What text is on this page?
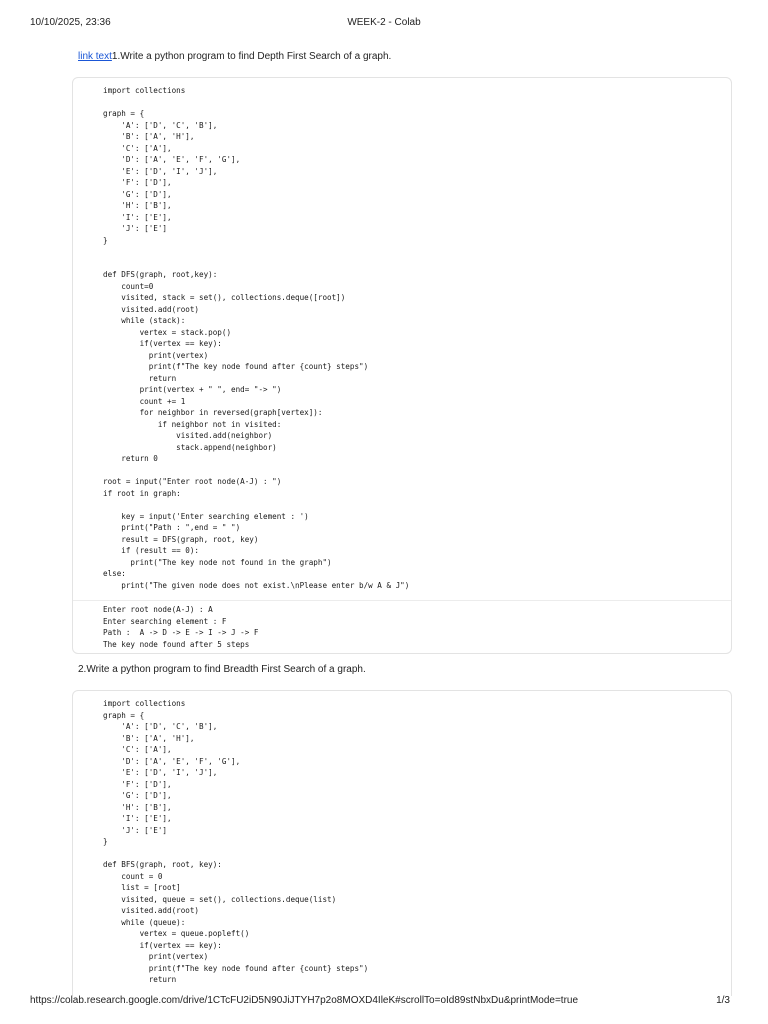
10/10/2025, 23:36	WEEK-2 - Colab
link text1.Write a python program to find Depth First Search of a graph.
import collections

graph = {
'A': ['D', 'C', 'B'],
'B': ['A', 'H'],
'C': ['A'],
'D': ['A', 'E', 'F', 'G'],
'E': ['D', 'I', 'J'],
'F': ['D'],
'G': ['D'],
'H': ['B'],
'I': ['E'],
'J': ['E']
}

def DFS(graph, root,key):
count=0
visited, stack = set(), collections.deque([root])
visited.add(root)
while (stack):
vertex = stack.pop()
if(vertex == key):
print(vertex)
print(f"The key node found after {count} steps")
return
print(vertex + " ", end= "-> ")
count += 1
for neighbor in reversed(graph[vertex]):
if neighbor not in visited:
visited.add(neighbor)
stack.append(neighbor)
return 0

root = input("Enter root node(A-J) : ")
if root in graph:

key = input('Enter searching element : ')
print("Path : ",end = " ")
result = DFS(graph, root, key)
if (result == 0):
print("The key node not found in the graph")
else:
print("The given node does not exist.\nPlease enter b/w A & J")
Enter root node(A-J) : A
Enter searching element : F
Path :  A -> D -> E -> I -> J -> F
The key node found after 5 steps
2.Write a python program to find Breadth First Search of a graph.
import collections
graph = {
'A': ['D', 'C', 'B'],
'B': ['A', 'H'],
'C': ['A'],
'D': ['A', 'E', 'F', 'G'],
'E': ['D', 'I', 'J'],
'F': ['D'],
'G': ['D'],
'H': ['B'],
'I': ['E'],
'J': ['E']
}

def BFS(graph, root, key):
count = 0
list = [root]
visited, queue = set(), collections.deque(list)
visited.add(root)
while (queue):
vertex = queue.popleft()
if(vertex == key):
print(vertex)
print(f"The key node found after {count} steps")
return
https://colab.research.google.com/drive/1CTcFU2iD5N90JiJTYH7p2o8MOXD4IleK#scrollTo=oId89stNbxDu&printMode=true	1/3
